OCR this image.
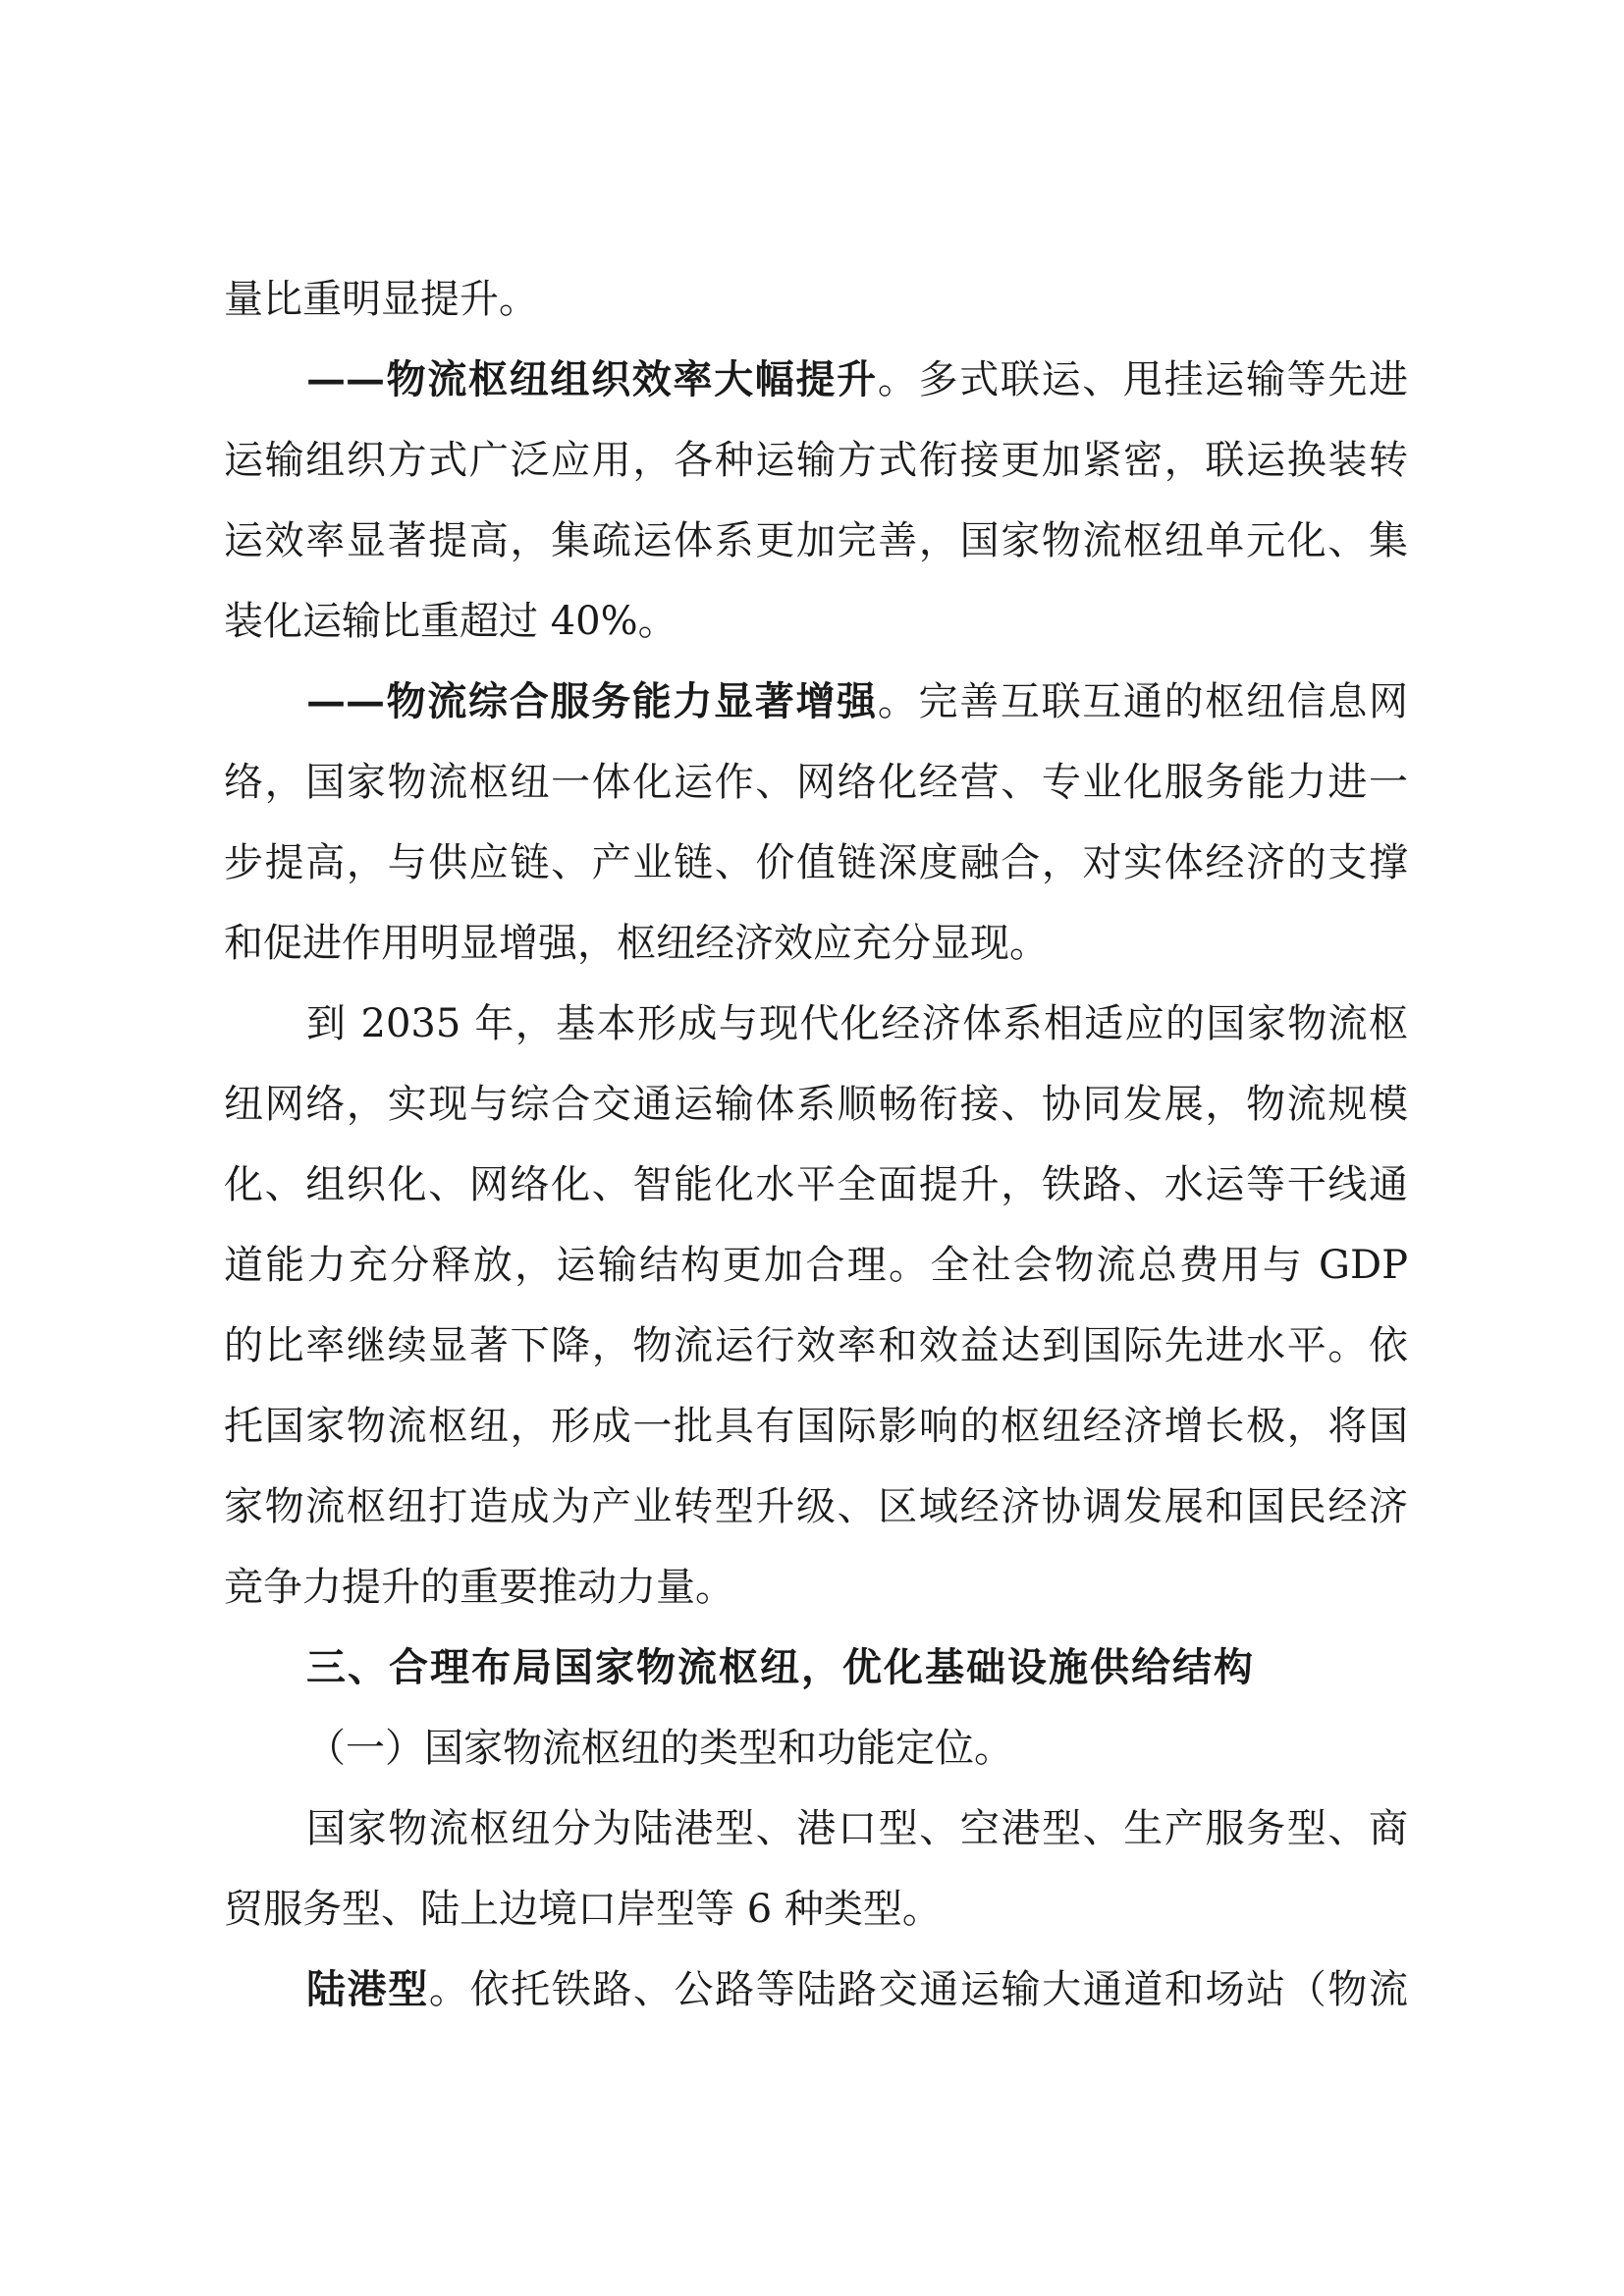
量比重明显提升。
——物流枢纽组织效率大幅提升。多式联运、甩挂运输等先进
运输组织方式广泛应用，各种运输方式衔接更加紧密，联运换装转
运效率显著提高，集疏运体系更加完善，国家物流枢纽单元化、集
装化运输比重超过 40%。
——物流综合服务能力显著增强。完善互联互通的枢纽信息网
络，国家物流枢纽一体化运作、网络化经营、专业化服务能力进一
步提高，与供应链、产业链、价值链深度融合，对实体经济的支撑
和促进作用明显增强，枢纽经济效应充分显现。
到 2035 年，基本形成与现代化经济体系相适应的国家物流枢
纽网络，实现与综合交通运输体系顺畅衔接、协同发展，物流规模
化、组织化、网络化、智能化水平全面提升，铁路、水运等干线通
道能力充分释放，运输结构更加合理。全社会物流总费用与 GDP
的比率继续显著下降，物流运行效率和效益达到国际先进水平。依
托国家物流枢纽，形成一批具有国际影响的枢纽经济增长极，将国
家物流枢纽打造成为产业转型升级、区域经济协调发展和国民经济
竞争力提升的重要推动力量。
三、合理布局国家物流枢纽，优化基础设施供给结构
（一）国家物流枢纽的类型和功能定位。
国家物流枢纽分为陆港型、港口型、空港型、生产服务型、商
贸服务型、陆上边境口岸型等 6 种类型。
陆港型。依托铁路、公路等陆路交通运输大通道和场站（物流
